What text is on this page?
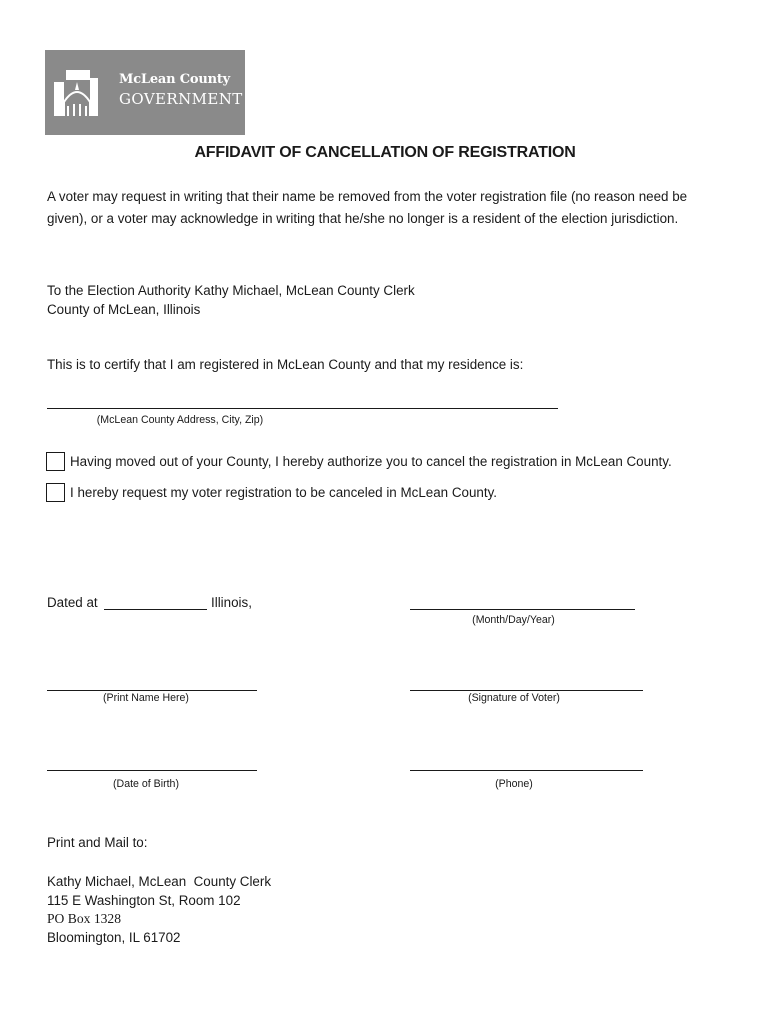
McLean County
GOVERNMENT
AFFIDAVIT OF CANCELLATION OF REGISTRATION
A voter may request in writing that their name be removed from the voter registration file (no reason need be given), or a voter may acknowledge in writing that he/she no longer is a resident of the election jurisdiction.
To the Election Authority Kathy Michael, McLean County Clerk
County of McLean, Illinois
This is to certify that I am registered in McLean County and that my residence is:
(McLean County Address, City, Zip)
Having moved out of your County, I hereby authorize you to cancel the registration in McLean County.
I hereby request my voter registration to be canceled in McLean County.
Dated at	Illinois,
(Month/Day/Year)
(Print Name Here)	(Signature of Voter)
(Date of Birth)	(Phone)
Print and Mail to:
Kathy Michael, McLean  County Clerk
115 E Washington St, Room 102
PO Box 1328
Bloomington, IL 61702
